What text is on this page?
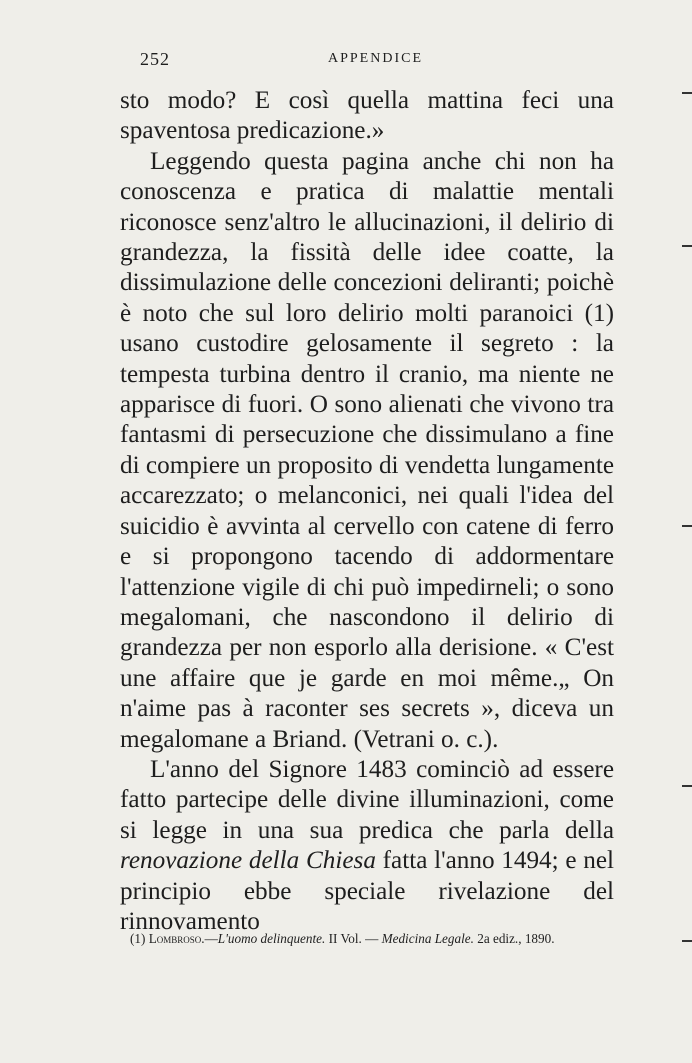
252	APPENDICE

sto modo? E così quella mattina feci una spaventosa predicazione.»

Leggendo questa pagina anche chi non ha conoscenza e pratica di malattie mentali riconosce senz'altro le allucinazioni, il delirio di grandezza, la fissità delle idee coatte, la dissimulazione delle concezioni deliranti; poichè è noto che sul loro delirio molti paranoici (1) usano custodire gelosamente il segreto : la tempesta turbina dentro il cranio, ma niente ne apparisce di fuori. O sono alienati che vivono tra fantasmi di persecuzione che dissimulano a fine di compiere un proposito di vendetta lungamente accarezzato; o melanconici, nei quali l'idea del suicidio è avvinta al cervello con catene di ferro e si propongono tacendo di addormentare l'attenzione vigile di chi può impedirneli; o sono megalomani, che nascondono il delirio di grandezza per non esporlo alla derisione. « C'est une affaire que je garde en moi même.„ On n'aime pas à raconter ses secrets », diceva un megalomane a Briand. (Vetrani o. c.).

L'anno del Signore 1483 cominciò ad essere fatto partecipe delle divine illuminazioni, come si legge in una sua predica che parla della renovazione della Chiesa fatta l'anno 1494; e nel principio ebbe speciale rivelazione del rinnovamento

(1) Lombroso.—L'uomo delinquente. II Vol. — Medicina Legale. 2a ediz., 1890.
